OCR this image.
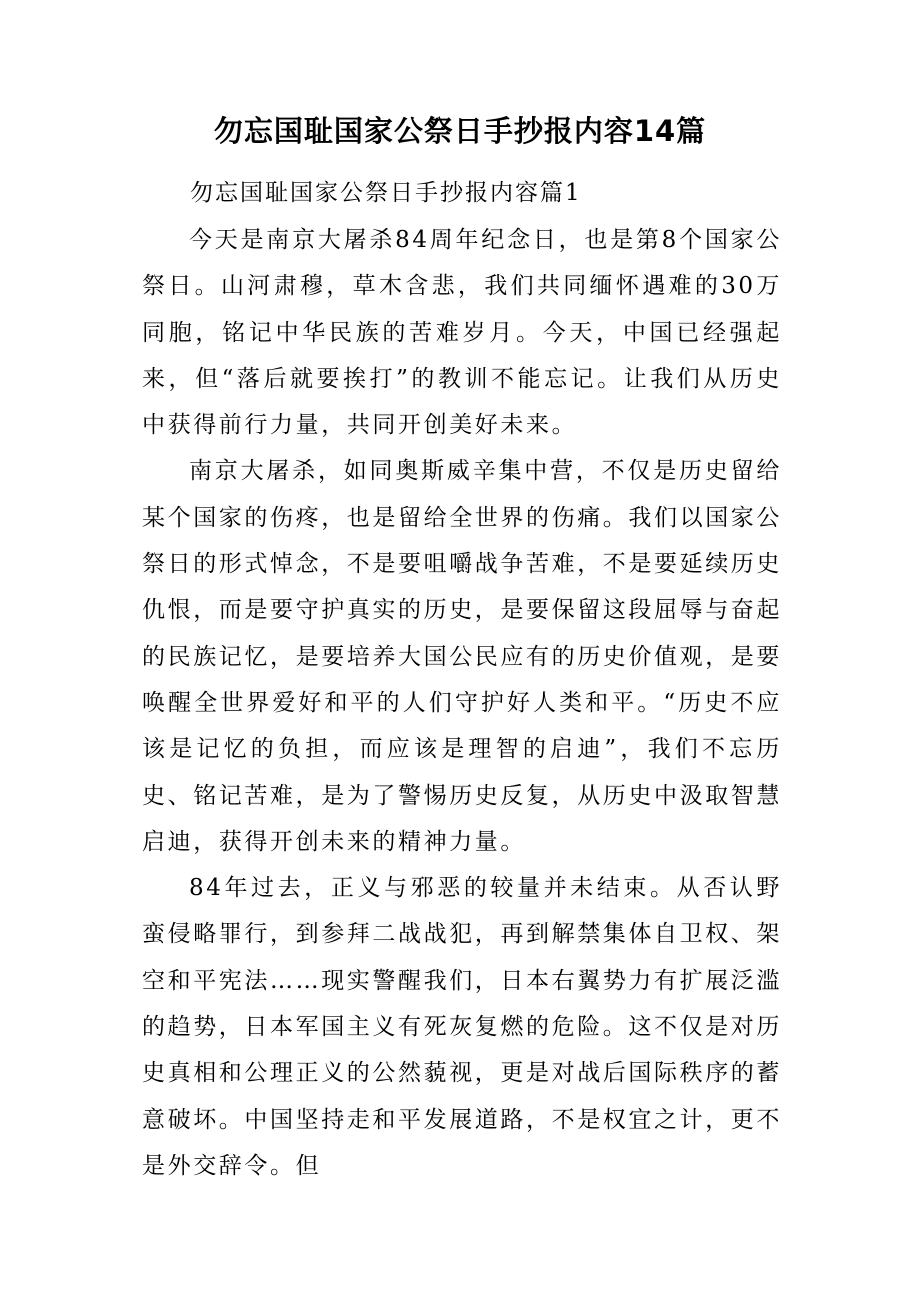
勿忘国耻国家公祭日手抄报内容14篇

勿忘国耻国家公祭日手抄报内容篇1

今天是南京大屠杀84周年纪念日，也是第8个国家公祭日。山河肃穆，草木含悲，我们共同缅怀遇难的30万同胞，铭记中华民族的苦难岁月。今天，中国已经强起来，但“落后就要挨打”的教训不能忘记。让我们从历史中获得前行力量，共同开创美好未来。

南京大屠杀，如同奥斯威辛集中营，不仅是历史留给某个国家的伤疼，也是留给全世界的伤痛。我们以国家公祭日的形式悼念，不是要咀嚼战争苦难，不是要延续历史仇恨，而是要守护真实的历史，是要保留这段屈辱与奋起的民族记忆，是要培养大国公民应有的历史价值观，是要唤醒全世界爱好和平的人们守护好人类和平。“历史不应该是记忆的负担，而应该是理智的启迪”，我们不忘历史、铭记苦难，是为了警惕历史反复，从历史中汲取智慧启迪，获得开创未来的精神力量。

84年过去，正义与邪恶的较量并未结束。从否认野蛮侵略罪行，到参拜二战战犯，再到解禁集体自卫权、架空和平宪法……现实警醒我们，日本右翼势力有扩展泛滥的趋势，日本军国主义有死灰复燃的危险。这不仅是对历史真相和公理正义的公然藐视，更是对战后国际秩序的蓄意破坏。中国坚持走和平发展道路，不是权宜之计，更不是外交辞令。但
